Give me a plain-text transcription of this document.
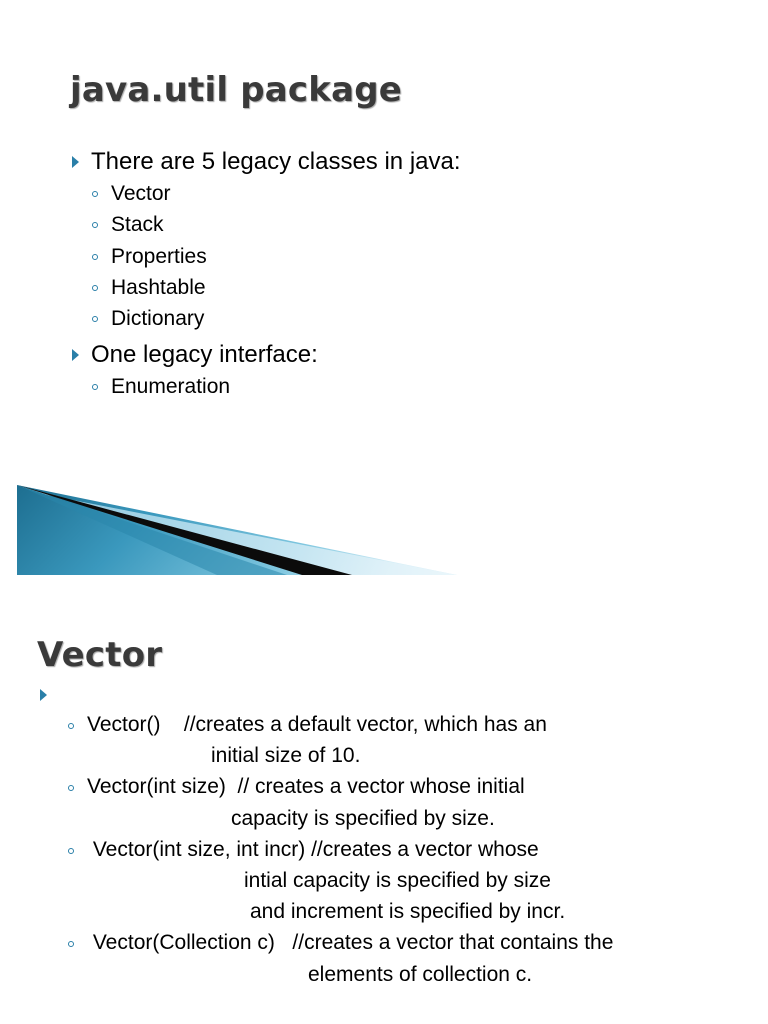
java.util package
There are 5 legacy classes in java:
Vector
Stack
Properties
Hashtable
Dictionary
One legacy interface:
Enumeration
Vector
Vector()    //creates a default vector, which has an
initial size of 10.
Vector(int size)  // creates a vector whose initial
capacity is specified by size.
Vector(int size, int incr) //creates a vector whose
intial capacity is specified by size
and increment is specified by incr.
Vector(Collection c)   //creates a vector that contains the
elements of collection c.
